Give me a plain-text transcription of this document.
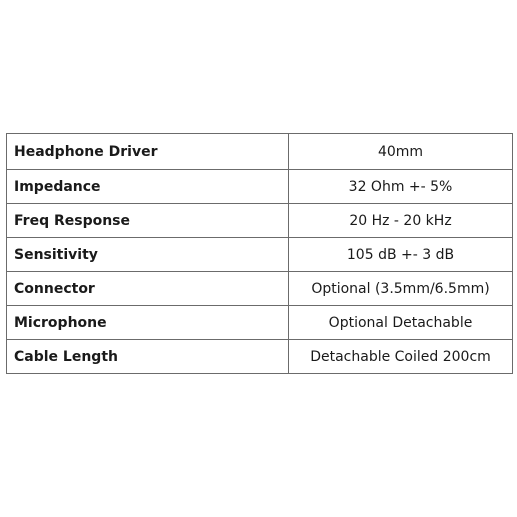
Headphone Driver	40mm
Impedance	32 Ohm +- 5%
Freq Response	20 Hz - 20 kHz
Sensitivity	105 dB +- 3 dB
Connector	Optional (3.5mm/6.5mm)
Microphone	Optional Detachable
Cable Length	Detachable Coiled 200cm
